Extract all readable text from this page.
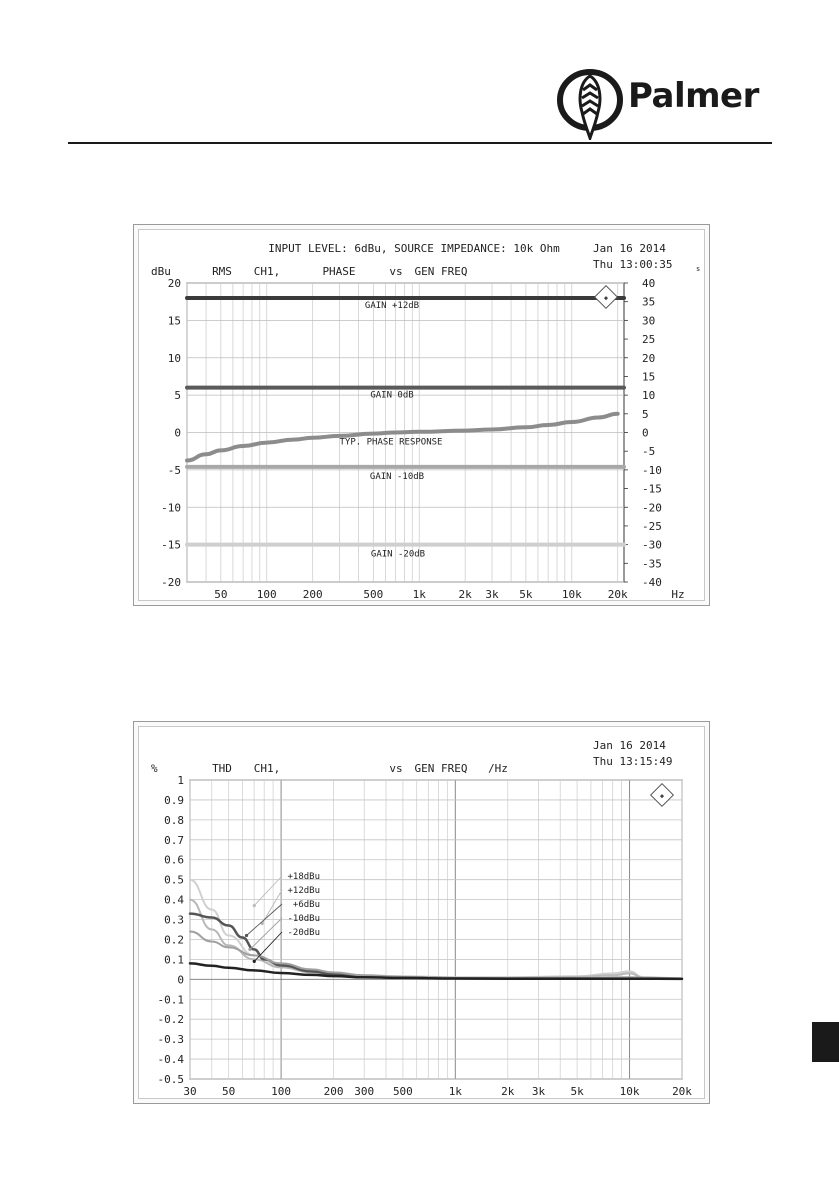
Palmer
20
15
10
5
0
-5
-10
-15
-20
40
35
30
25
20
15
10
5
0
-5
-10
-15
-20
-25
-30
-35
-40
50	100 200	500	1k	2k 3k 5k	10k 20k	Hz
GAIN +12dB
GAIN 0dB
TYP. PHASE RESPONSE
GAIN -10dB
GAIN -20dB
INPUT LEVEL: 6dBu, SOURCE IMPEDANCE: 10k Ohm	Jan 16 2014
Thu 13:00:35	s
dBu	RMS CH1,	PHASE	vs GEN FREQ
◆
1
0.9
0.8
0.7
0.6
0.5
0.4
0.3
0.2
0.1
0
-0.1
-0.2
-0.3
-0.4
-0.5
30 50	100	200 300 500	1k	2k 3k 5k	10k	20k
+18dBu
+12dBu
+6dBu
-10dBu
-20dBu
Jan 16 2014
Thu 13:15:49
%	THD CH1,	vs GEN FREQ /Hz
◆
